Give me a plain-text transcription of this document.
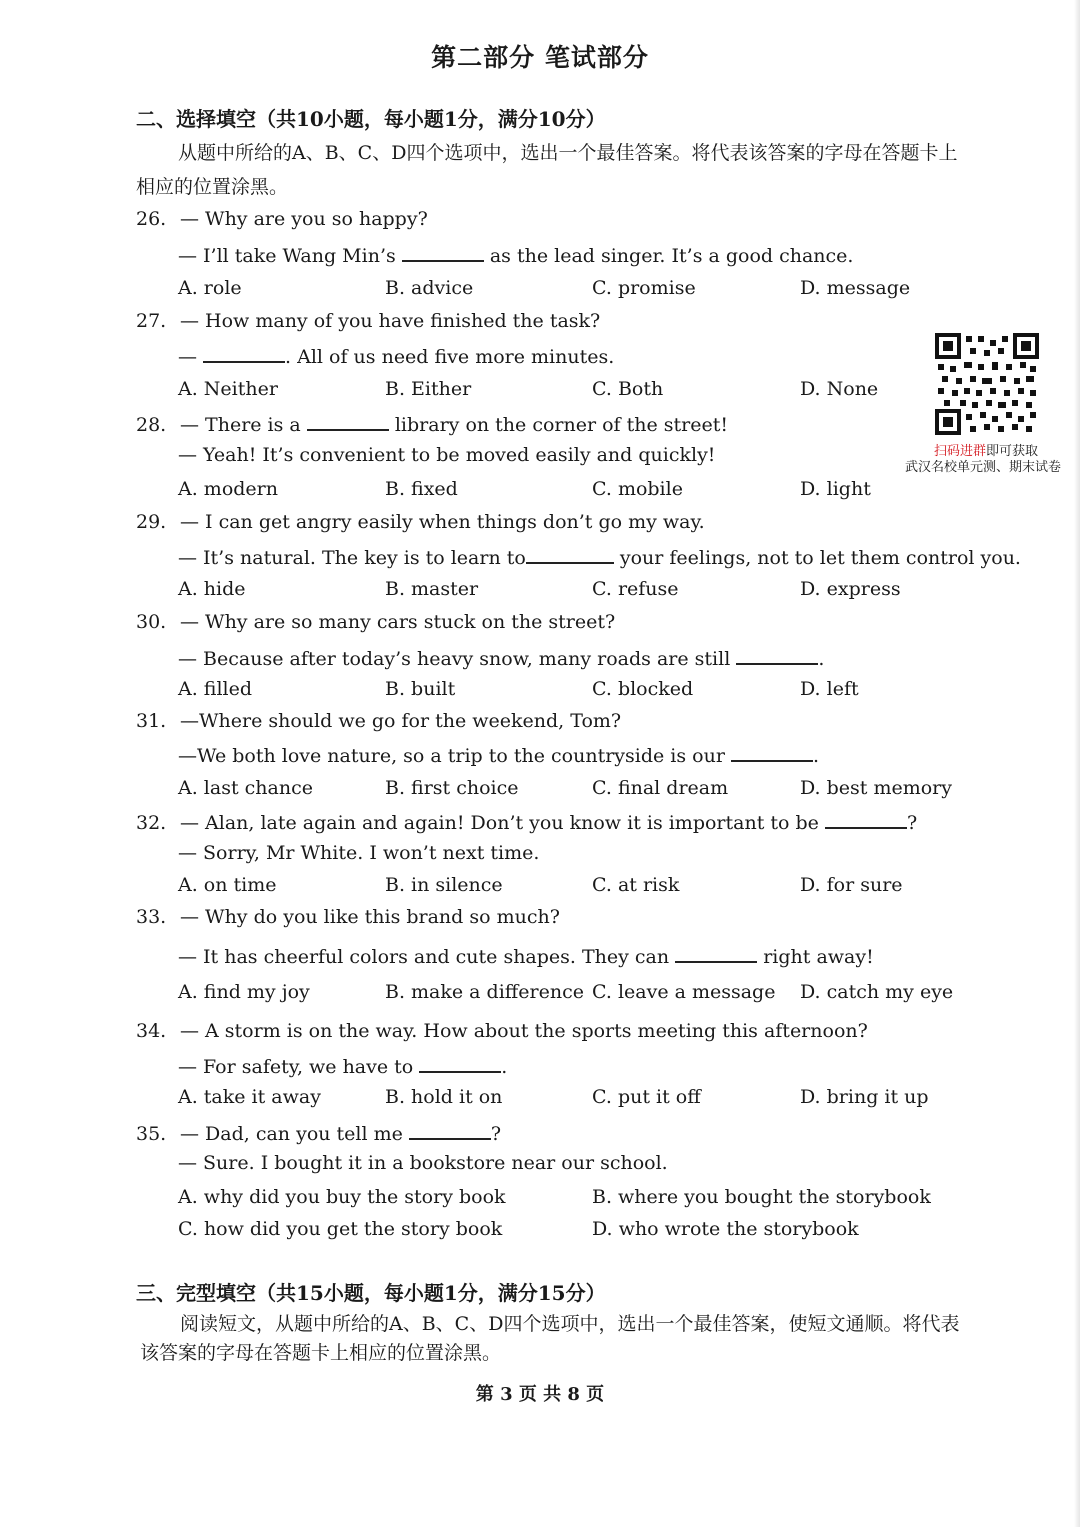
第二部分 笔试部分
二、选择填空（共10小题，每小题1分，满分10分）
从题中所给的A、B、C、D四个选项中，选出一个最佳答案。将代表该答案的字母在答题卡上
相应的位置涂黑。
26. — Why are you so happy?
— I’ll take Wang Min’s	as the lead singer. It’s a good chance.
A. role	B. advice	C. promise	D. message
27. — How many of you have finished the task?
—	. All of us need five more minutes.
A. Neither	B. Either	C. Both	D. None
28. — There is a	library on the corner of the street!
— Yeah! It’s convenient to be moved easily and quickly!
A. modern	B. fixed	C. mobile	D. light
29. — I can get angry easily when things don’t go my way.
— It’s natural. The key is to learn to	your feelings, not to let them control you.
A. hide	B. master	C. refuse	D. express
30. — Why are so many cars stuck on the street?
— Because after today’s heavy snow, many roads are still	.
A. filled	B. built	C. blocked	D. left
31. —Where should we go for the weekend, Tom?
—We both love nature, so a trip to the countryside is our	.
A. last chance	B. first choice	C. final dream	D. best memory
32. — Alan, late again and again! Don’t you know it is important to be	?
— Sorry, Mr White. I won’t next time.
A. on time	B. in silence	C. at risk	D. for sure
33. — Why do you like this brand so much?
— It has cheerful colors and cute shapes. They can	right away!
A. find my joy	B. make a difference C. leave a message D. catch my eye
34. — A storm is on the way. How about the sports meeting this afternoon?
— For safety, we have to	.
A. take it away	B. hold it on	C. put it off	D. bring it up
35. — Dad, can you tell me	?
— Sure. I bought it in a bookstore near our school.
A. why did you buy the story book	B. where you bought the storybook
C. how did you get the story book	D. who wrote the storybook
三、完型填空（共15小题，每小题1分，满分15分）
阅读短文，从题中所给的A、B、C、D四个选项中，选出一个最佳答案，使短文通顺。将代表
该答案的字母在答题卡上相应的位置涂黑。
扫码进群即可获取
武汉名校单元测、期末试卷
第 3 页 共 8 页
